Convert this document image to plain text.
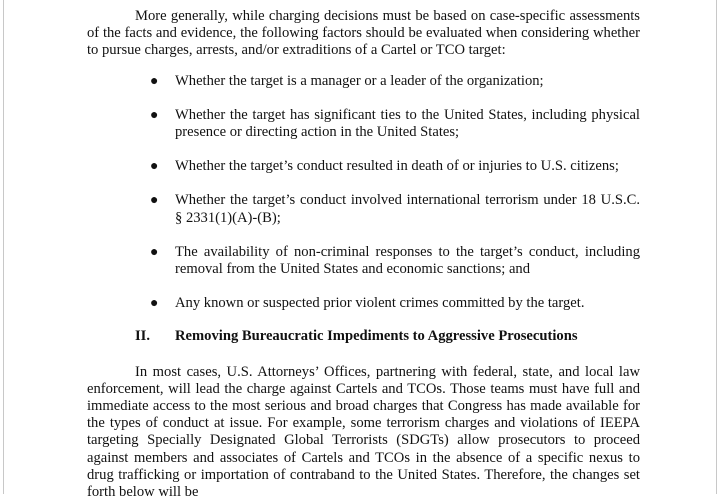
More generally, while charging decisions must be based on case-specific assessments of the facts and evidence, the following factors should be evaluated when considering whether to pursue charges, arrests, and/or extraditions of a Cartel or TCO target:

● Whether the target is a manager or a leader of the organization;
● Whether the target has significant ties to the United States, including physical presence or directing action in the United States;
● Whether the target’s conduct resulted in death of or injuries to U.S. citizens;
● Whether the target’s conduct involved international terrorism under 18 U.S.C. § 2331(1)(A)-(B);
● The availability of non-criminal responses to the target’s conduct, including removal from the United States and economic sanctions; and
● Any known or suspected prior violent crimes committed by the target.
II. Removing Bureaucratic Impediments to Aggressive Prosecutions

In most cases, U.S. Attorneys’ Offices, partnering with federal, state, and local law enforcement, will lead the charge against Cartels and TCOs. Those teams must have full and immediate access to the most serious and broad charges that Congress has made available for the types of conduct at issue. For example, some terrorism charges and violations of IEEPA targeting Specially Designated Global Terrorists (SDGTs) allow prosecutors to proceed against members and associates of Cartels and TCOs in the absence of a specific nexus to drug trafficking or importation of contraband to the United States. Therefore, the changes set forth below will be
